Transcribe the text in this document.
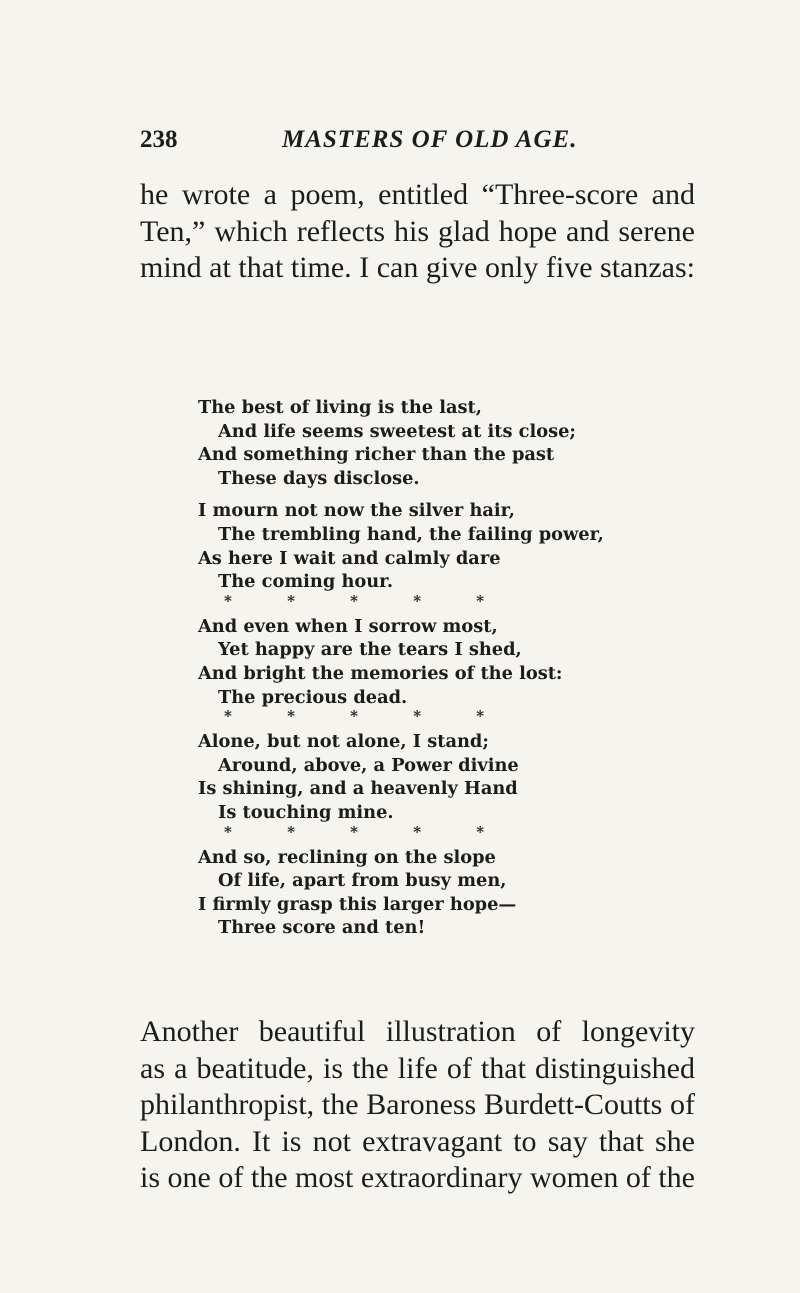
238	MASTERS OF OLD AGE.
he wrote a poem, entitled “Three-score and
Ten,” which reflects his glad hope and serene
mind at that time. I can give only five stanzas:
The best of living is the last,
And life seems sweetest at its close;
And something richer than the past
These days disclose.
I mourn not now the silver hair,
The trembling hand, the failing power,
As here I wait and calmly dare
The coming hour.
* * * * *
And even when I sorrow most,
Yet happy are the tears I shed,
And bright the memories of the lost:
The precious dead.
* * * * *
Alone, but not alone, I stand;
Around, above, a Power divine
Is shining, and a heavenly Hand
Is touching mine.
* * * * *
And so, reclining on the slope
Of life, apart from busy men,
I firmly grasp this larger hope—
Three score and ten!
Another beautiful illustration of longevity
as a beatitude, is the life of that distinguished
philanthropist, the Baroness Burdett-Coutts of
London. It is not extravagant to say that she
is one of the most extraordinary women of the
